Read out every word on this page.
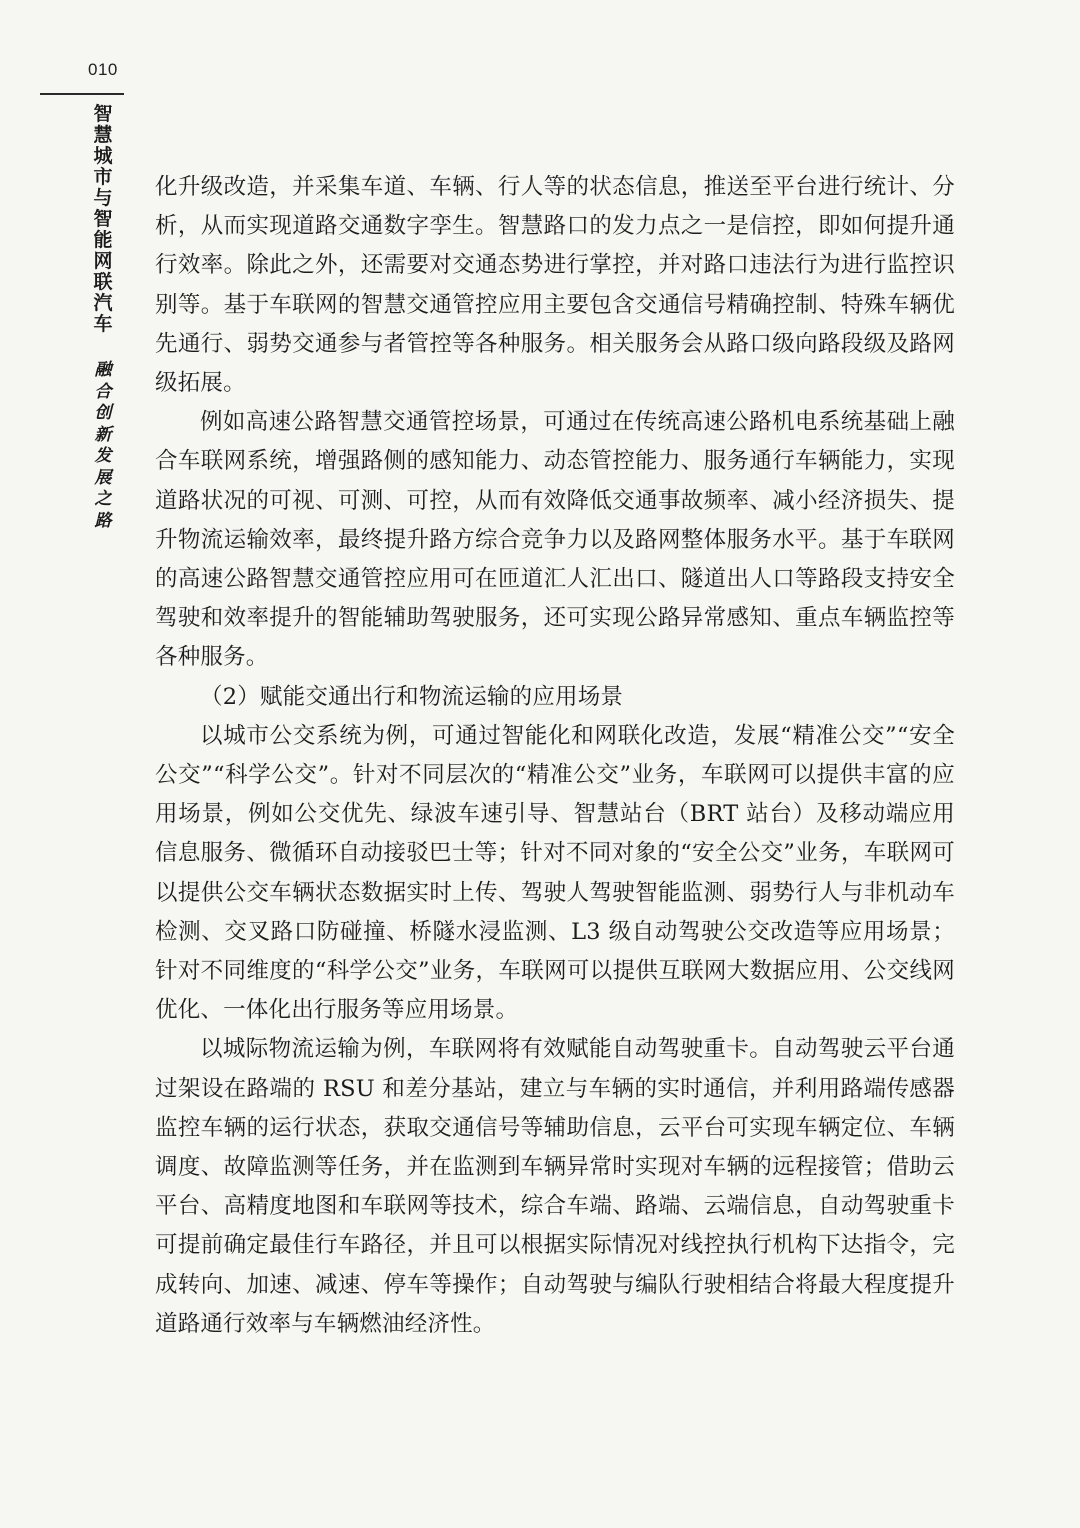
010
智
慧
城
市
与
智
能
网
联
汽
车
融
合
创
新
发
展
之
路

化升级改造，并采集车道、车辆、行人等的状态信息，推送至平台进行统计、分析，从而实现道路交通数字孪生。智慧路口的发力点之一是信控，即如何提升通行效率。除此之外，还需要对交通态势进行掌控，并对路口违法行为进行监控识别等。基于车联网的智慧交通管控应用主要包含交通信号精确控制、特殊车辆优先通行、弱势交通参与者管控等各种服务。相关服务会从路口级向路段级及路网级拓展。

例如高速公路智慧交通管控场景，可通过在传统高速公路机电系统基础上融合车联网系统，增强路侧的感知能力、动态管控能力、服务通行车辆能力，实现道路状况的可视、可测、可控，从而有效降低交通事故频率、减小经济损失、提升物流运输效率，最终提升路方综合竞争力以及路网整体服务水平。基于车联网的高速公路智慧交通管控应用可在匝道汇人汇出口、隧道出人口等路段支持安全驾驶和效率提升的智能辅助驾驶服务，还可实现公路异常感知、重点车辆监控等各种服务。

（2）赋能交通出行和物流运输的应用场景

以城市公交系统为例，可通过智能化和网联化改造，发展“精准公交”“安全公交”“科学公交”。针对不同层次的“精准公交”业务，车联网可以提供丰富的应用场景，例如公交优先、绿波车速引导、智慧站台（BRT 站台）及移动端应用信息服务、微循环自动接驳巴士等；针对不同对象的“安全公交”业务，车联网可以提供公交车辆状态数据实时上传、驾驶人驾驶智能监测、弱势行人与非机动车检测、交叉路口防碰撞、桥隧水浸监测、L3 级自动驾驶公交改造等应用场景；针对不同维度的“科学公交”业务，车联网可以提供互联网大数据应用、公交线网优化、一体化出行服务等应用场景。

以城际物流运输为例，车联网将有效赋能自动驾驶重卡。自动驾驶云平台通过架设在路端的 RSU 和差分基站，建立与车辆的实时通信，并利用路端传感器监控车辆的运行状态，获取交通信号等辅助信息，云平台可实现车辆定位、车辆调度、故障监测等任务，并在监测到车辆异常时实现对车辆的远程接管；借助云平台、高精度地图和车联网等技术，综合车端、路端、云端信息，自动驾驶重卡可提前确定最佳行车路径，并且可以根据实际情况对线控执行机构下达指令，完成转向、加速、减速、停车等操作；自动驾驶与编队行驶相结合将最大程度提升道路通行效率与车辆燃油经济性。
